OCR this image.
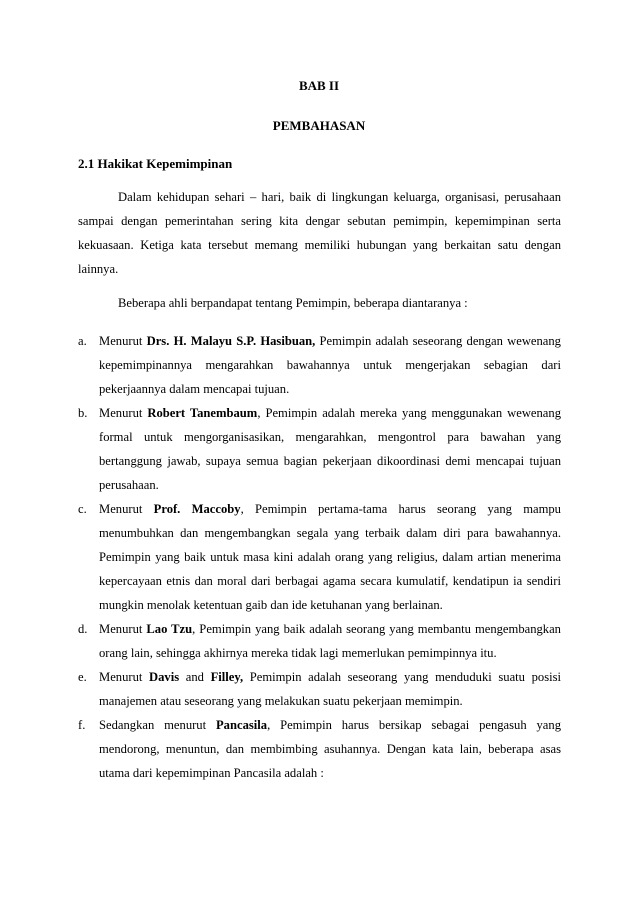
BAB II
PEMBAHASAN
2.1 Hakikat Kepemimpinan
Dalam kehidupan sehari – hari, baik di lingkungan keluarga, organisasi, perusahaan sampai dengan pemerintahan sering kita dengar sebutan pemimpin, kepemimpinan serta kekuasaan. Ketiga kata tersebut memang memiliki hubungan yang berkaitan satu dengan lainnya.
Beberapa ahli berpandapat tentang Pemimpin, beberapa diantaranya :
a. Menurut Drs. H. Malayu S.P. Hasibuan, Pemimpin adalah seseorang dengan wewenang kepemimpinannya mengarahkan bawahannya untuk mengerjakan sebagian dari pekerjaannya dalam mencapai tujuan.
b. Menurut Robert Tanembaum, Pemimpin adalah mereka yang menggunakan wewenang formal untuk mengorganisasikan, mengarahkan, mengontrol para bawahan yang bertanggung jawab, supaya semua bagian pekerjaan dikoordinasi demi mencapai tujuan perusahaan.
c. Menurut Prof. Maccoby, Pemimpin pertama-tama harus seorang yang mampu menumbuhkan dan mengembangkan segala yang terbaik dalam diri para bawahannya. Pemimpin yang baik untuk masa kini adalah orang yang religius, dalam artian menerima kepercayaan etnis dan moral dari berbagai agama secara kumulatif, kendatipun ia sendiri mungkin menolak ketentuan gaib dan ide ketuhanan yang berlainan.
d. Menurut Lao Tzu, Pemimpin yang baik adalah seorang yang membantu mengembangkan orang lain, sehingga akhirnya mereka tidak lagi memerlukan pemimpinnya itu.
e. Menurut Davis and Filley, Pemimpin adalah seseorang yang menduduki suatu posisi manajemen atau seseorang yang melakukan suatu pekerjaan memimpin.
f. Sedangkan menurut Pancasila, Pemimpin harus bersikap sebagai pengasuh yang mendorong, menuntun, dan membimbing asuhannya. Dengan kata lain, beberapa asas utama dari kepemimpinan Pancasila adalah :
